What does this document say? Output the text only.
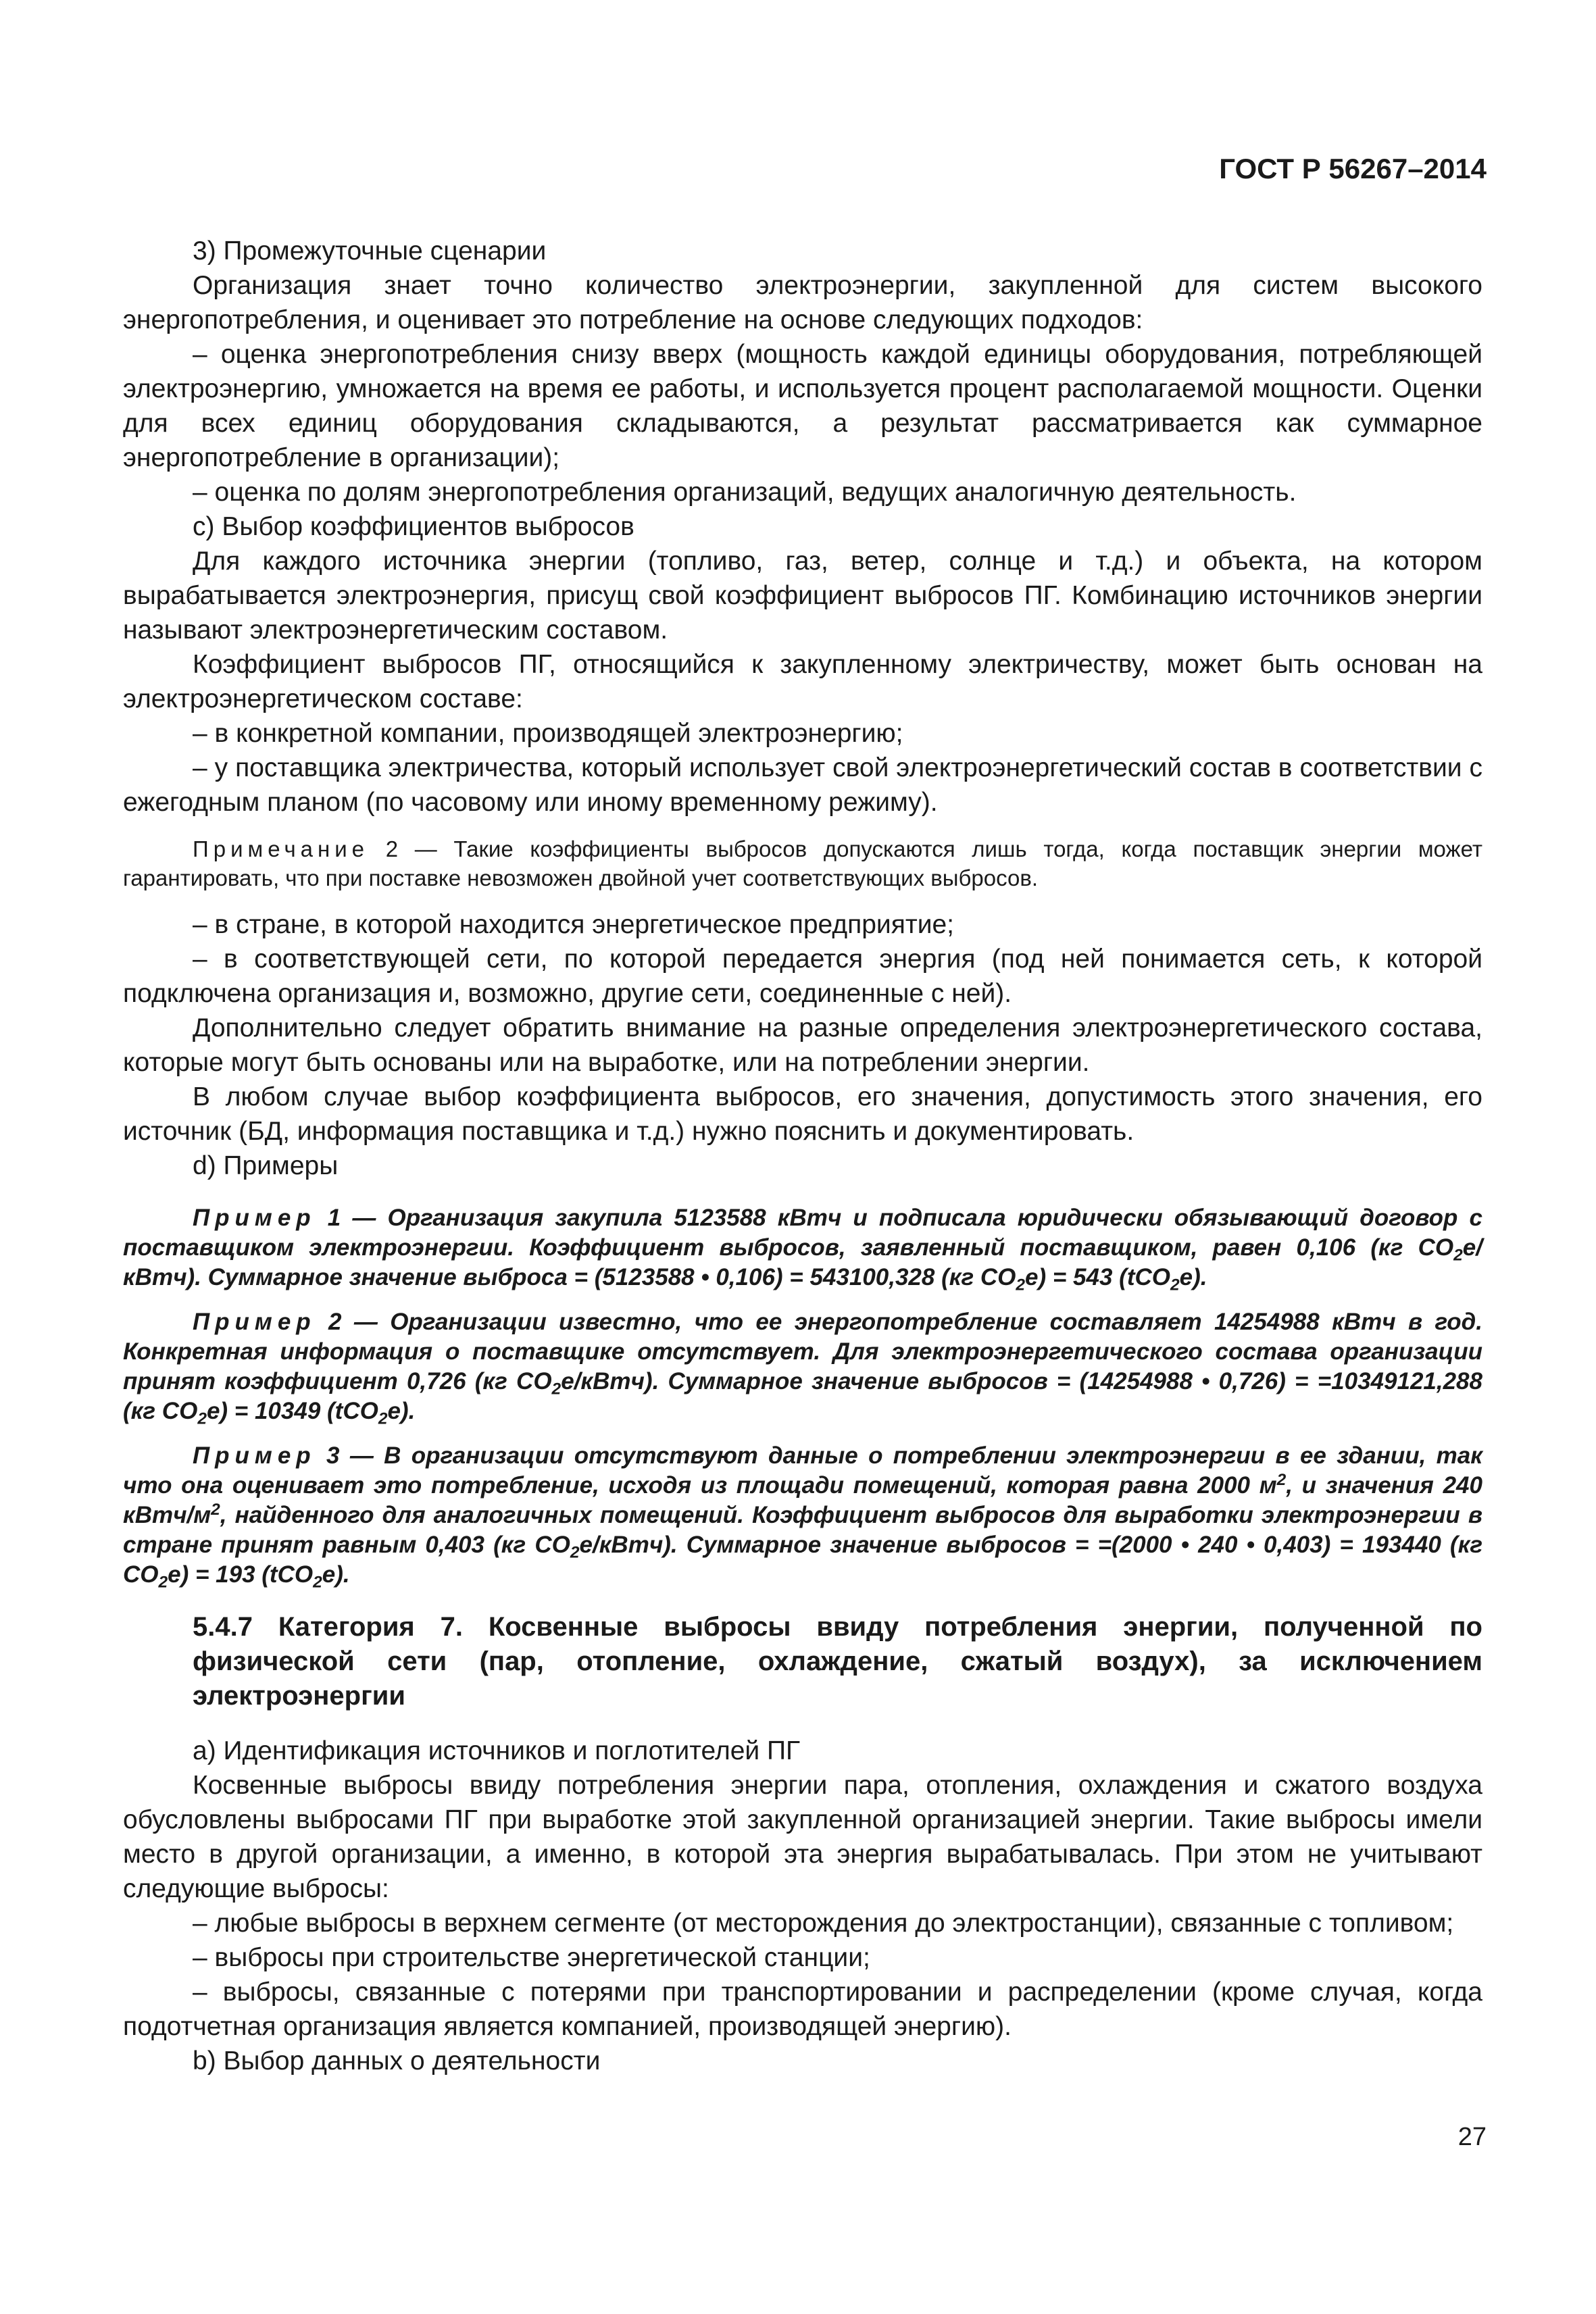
ГОСТ Р 56267–2014

3) Промежуточные сценарии

Организация знает точно количество электроэнергии, закупленной для систем высокого энергопотребления, и оценивает это потребление на основе следующих подходов:

– оценка энергопотребления снизу вверх (мощность каждой единицы оборудования, потребляющей электроэнергию, умножается на время ее работы, и используется процент располагаемой мощности. Оценки для всех единиц оборудования складываются, а результат рассматривается как суммарное энергопотребление в организации);

– оценка по долям энергопотребления организаций, ведущих аналогичную деятельность.

c) Выбор коэффициентов выбросов

Для каждого источника энергии (топливо, газ, ветер, солнце и т.д.) и объекта, на котором вырабатывается электроэнергия, присущ свой коэффициент выбросов ПГ. Комбинацию источников энергии называют электроэнергетическим составом.

Коэффициент выбросов ПГ, относящийся к закупленному электричеству, может быть основан на электроэнергетическом составе:

– в конкретной компании, производящей электроэнергию;

– у поставщика электричества, который использует свой электроэнергетический состав в соответствии с ежегодным планом (по часовому или иному временному режиму).

Примечание 2 — Такие коэффициенты выбросов допускаются лишь тогда, когда поставщик энергии может гарантировать, что при поставке невозможен двойной учет соответствующих выбросов.

– в стране, в которой находится энергетическое предприятие;

– в соответствующей сети, по которой передается энергия (под ней понимается сеть, к которой подключена организация и, возможно, другие сети, соединенные с ней).

Дополнительно следует обратить внимание на разные определения электроэнергетического состава, которые могут быть основаны или на выработке, или на потреблении энергии.

В любом случае выбор коэффициента выбросов, его значения, допустимость этого значения, его источник (БД, информация поставщика и т.д.) нужно пояснить и документировать.

d) Примеры

Пример 1 — Организация закупила 5123588 кВтч и подписала юридически обязывающий договор с поставщиком электроэнергии. Коэффициент выбросов, заявленный поставщиком, равен 0,106 (кг $CO_2е/кВтч$). Суммарное значение выброса = (5123588 • 0,106) = 543100,328 (кг $CO_2е) = 543$ (tCO$_2$е).

Пример 2 — Организации известно, что ее энергопотребление составляет 14254988 кВтч в год. Конкретная информация о поставщике отсутствует. Для электроэнергетического состава организации принят коэффициент 0,726 (кг $CO_2е/кВтч$). Суммарное значение выбросов = (14254988 • 0,726) = =10349121,288 (кг $CO_2е) = 10349$ (tCO$_2$е).

Пример 3 — В организации отсутствуют данные о потреблении электроэнергии в ее здании, так что она оценивает это потребление, исходя из площади помещений, которая равна 2000 $м^2$, и значения 240 кВтч/$м^2$, найденного для аналогичных помещений. Коэффициент выбросов для выработки электроэнергии в стране принят равным 0,403 (кг $CO_2е/кВтч$). Суммарное значение выбросов = =(2000 • 240 • 0,403) = 193440 (кг $CO_2е) = 193$ (tCO$_2$е).

5.4.7 Категория 7. Косвенные выбросы ввиду потребления энергии, полученной по физической сети (пар, отопление, охлаждение, сжатый воздух), за исключением электроэнергии

a) Идентификация источников и поглотителей ПГ

Косвенные выбросы ввиду потребления энергии пара, отопления, охлаждения и сжатого воздуха обусловлены выбросами ПГ при выработке этой закупленной организацией энергии. Такие выбросы имели место в другой организации, а именно, в которой эта энергия вырабатывалась. При этом не учитывают следующие выбросы:

– любые выбросы в верхнем сегменте (от месторождения до электростанции), связанные с топливом;

– выбросы при строительстве энергетической станции;

– выбросы, связанные с потерями при транспортировании и распределении (кроме случая, когда подотчетная организация является компанией, производящей энергию).

b) Выбор данных о деятельности

27
